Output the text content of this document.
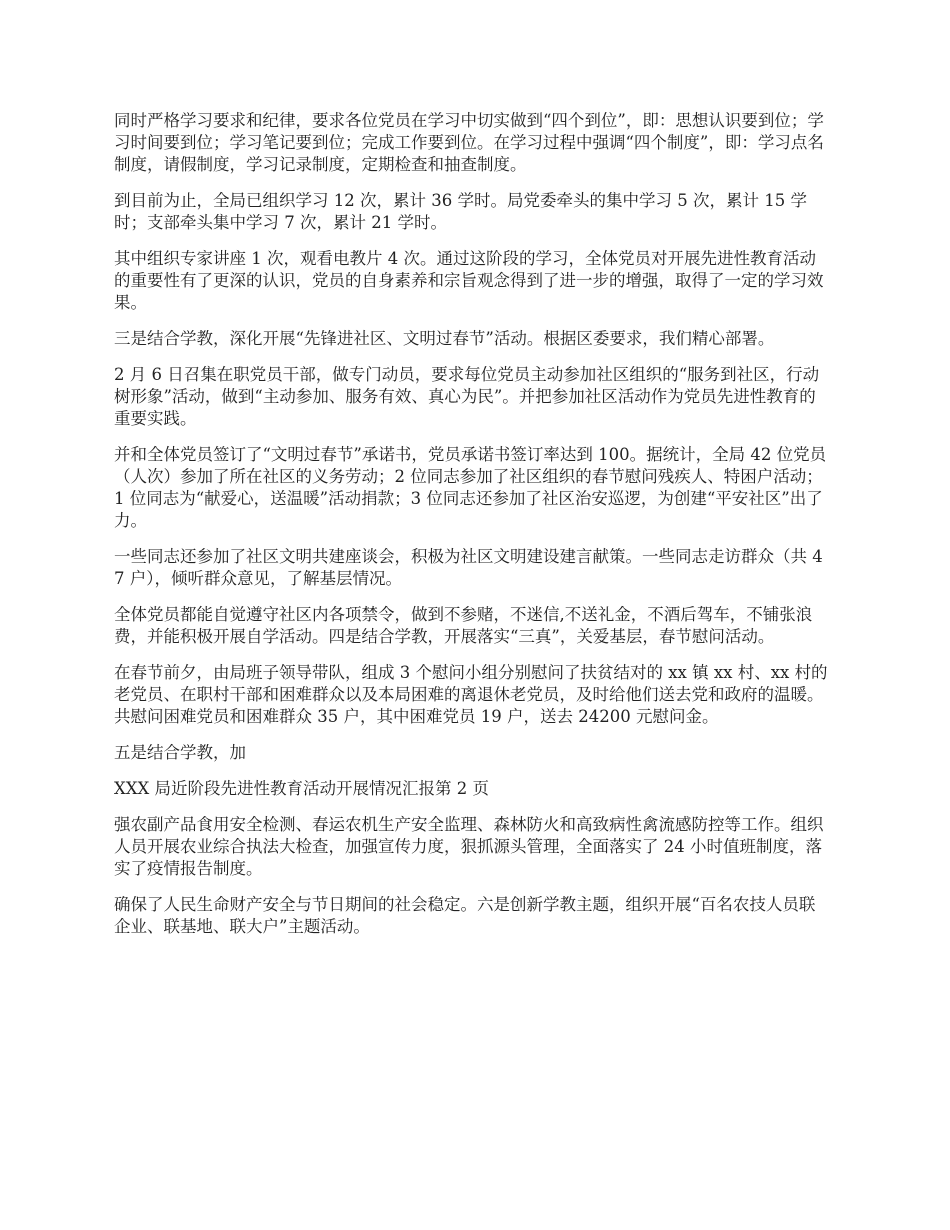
同时严格学习要求和纪律，要求各位党员在学习中切实做到“四个到位”，即：思想认识要到位；学习时间要到位；学习笔记要到位；完成工作要到位。在学习过程中强调“四个制度”，即：学习点名制度，请假制度，学习记录制度，定期检查和抽查制度。

到目前为止，全局已组织学习 12 次，累计 36 学时。局党委牵头的集中学习 5 次，累计 15 学时；支部牵头集中学习 7 次，累计 21 学时。

其中组织专家讲座 1 次，观看电教片 4 次。通过这阶段的学习，全体党员对开展先进性教育活动的重要性有了更深的认识，党员的自身素养和宗旨观念得到了进一步的增强，取得了一定的学习效果。

三是结合学教，深化开展“先锋进社区、文明过春节”活动。根据区委要求，我们精心部署。

2 月 6 日召集在职党员干部，做专门动员，要求每位党员主动参加社区组织的“服务到社区，行动树形象”活动，做到“主动参加、服务有效、真心为民”。并把参加社区活动作为党员先进性教育的重要实践。

并和全体党员签订了“文明过春节”承诺书，党员承诺书签订率达到 100。据统计，全局 42 位党员（人次）参加了所在社区的义务劳动；2 位同志参加了社区组织的春节慰问残疾人、特困户活动；1 位同志为“献爱心，送温暖”活动捐款；3 位同志还参加了社区治安巡逻，为创建“平安社区”出了力。

一些同志还参加了社区文明共建座谈会，积极为社区文明建设建言献策。一些同志走访群众（共 47 户），倾听群众意见，了解基层情况。

全体党员都能自觉遵守社区内各项禁令，做到不参赌，不迷信,不送礼金，不酒后驾车，不铺张浪费，并能积极开展自学活动。四是结合学教，开展落实“三真”，关爱基层，春节慰问活动。

在春节前夕，由局班子领导带队，组成 3 个慰问小组分别慰问了扶贫结对的 xx 镇 xx 村、xx 村的老党员、在职村干部和困难群众以及本局困难的离退休老党员，及时给他们送去党和政府的温暖。共慰问困难党员和困难群众 35 户，其中困难党员 19 户，送去 24200 元慰问金。

五是结合学教，加

XXX 局近阶段先进性教育活动开展情况汇报第 2 页

强农副产品食用安全检测、春运农机生产安全监理、森林防火和高致病性禽流感防控等工作。组织人员开展农业综合执法大检查，加强宣传力度，狠抓源头管理，全面落实了 24 小时值班制度，落实了疫情报告制度。

确保了人民生命财产安全与节日期间的社会稳定。六是创新学教主题，组织开展“百名农技人员联企业、联基地、联大户”主题活动。
